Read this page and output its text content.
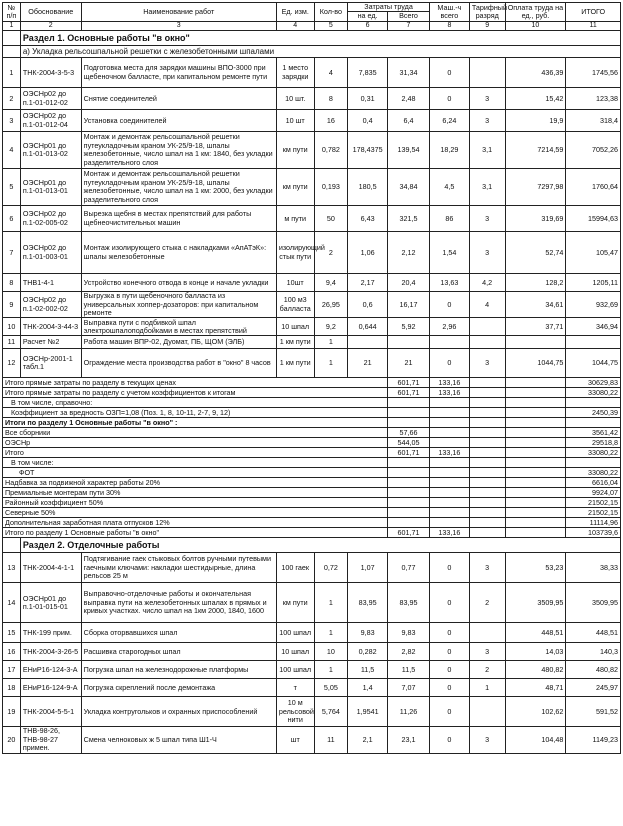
№ п/п	Обоснование	Наименование работ	Ед. изм.	Кол-во	Затраты труда		Маш.-ч всего	Тарифный разряд	Оплата труда на ед., руб.	ИТОГО
					на ед.	Всего				
1	2	3	4	5	6	7	8	9	10	11
	Раздел 1. Основные работы "в окно"									
	а) Укладка рельсошпальной решетки с железобетонными шпалами									
1	ТНК-2004-3-5-3	Подготовка места для зарядки машины ВПО-3000 при щебеночном балласте, при капитальном ремонте пути	1 место зарядки	4	7,835	31,34	0		436,39	1745,56
2	ОЭСНр02 до п.1-01-012-02	Снятие соединителей	10 шт.	8	0,31	2,48	0	3	15,42	123,38
3	ОЭСНр02 до п.1-01-012-04	Установка соединителей	10 шт	16	0,4	6,4	6,24	3	19,9	318,4
4	ОЭСНр01 до п.1-01-013-02	Монтаж и демонтаж рельсошпальной решетки путеукладочным краном УК-25/9-18, шпалы железобетонные, число шпал на 1 км: 1840, без укладки разделительного слоя	км пути	0,782	178,4375	139,54	18,29	3,1	7214,59	7052,26
5	ОЭСНр01 до п.1-01-013-01	Монтаж и демонтаж рельсошпальной решетки путеукладочным краном УК-25/9-18, шпалы железобетонные, число шпал на 1 км: 2000, без укладки разделительного слоя	км пути	0,193	180,5	34,84	4,5	3,1	7297,98	1760,64
6	ОЭСНр02 до п.1-02-005-02	Вырезка щебня в местах препятствий для работы щебнеочистительных машин	м пути	50	6,43	321,5	86	3	319,69	15994,63
7	ОЭСНр02 до п.1-01-003-01	Монтаж изолирующего стыка с накладками «АпАТэК»: шпалы железобетонные	изолирующий стык пути	2	1,06	2,12	1,54	3	52,74	105,47
8	ТНВ1-4-1	Устройство конечного отвода в конце и начале укладки	10шт	9,4	2,17	20,4	13,63	4,2	128,2	1205,11
9	ОЭСНр02 до п.1-02-002-02	Выгрузка в пути щебеночного балласта из универсальных хоппер-дозаторов: при капитальном ремонте	100 м3 балласта	26,95	0,6	16,17	0	4	34,61	932,69
10	ТНК-2004-3-44-3	Выправка пути с подбивкой шпал электрошпалоподбойками в местах препятствий	10 шпал	9,2	0,644	5,92	2,96		37,71	346,94
11	Расчет №2	Работа машин ВПР-02, Дуомат, ПБ, ЩОМ (ЭЛБ)	1 км пути	1						
12	ОЭСНр-2001-1 табл.1	Ограждение места производства работ в "окно" 8 часов	1 км пути	1	21	21	0	3	1044,75	1044,75
Итого прямые затраты по разделу в текущих ценах						601,71	133,16			30629,83
Итого прямые затраты по разделу с учетом коэффициентов к итогам						601,71	133,16			33080,22
В том числе, справочно:										
Коэффициент за вредность ОЗП=1,08 (Поз. 1, 8, 10-11, 2-7, 9, 12)										2450,39
Итоги по разделу 1 Основные работы "в окно" :										
Все сборники						57,66				3561,42
ОЭСНр						544,05				29518,8
Итого						601,71	133,16			33080,22
В том числе:										
ФОТ										33080,22
Надбавка за подвижной характер работы 20%										6616,04
Премиальные монтерам пути 30%										9924,07
Районный коэффициент 50%										21502,15
Северные 50%										21502,15
Дополнительная заработная плата отпусков 12%										11114,96
Итого по разделу 1 Основные работы "в окно"						601,71	133,16			103739,6
	Раздел 2. Отделочные работы									
13	ТНК-2004-4-1-1	Подтягивание гаек стыковых болтов ручными путевыми гаечными ключами: накладки шестидырные, длина рельсов 25 м	100 гаек	0,72	1,07	0,77	0	3	53,23	38,33
14	ОЭСНр01 до п.1-01-015-01	Выправочно-отделочные работы и окончательная выправка пути на железобетонных шпалах в прямых и кривых участках. число шпал на 1км 2000, 1840, 1600	км пути	1	83,95	83,95	0	2	3509,95	3509,95
15	ТНК-199 прим.	Сборка оторвавшихся шпал	100 шпал	1	9,83	9,83	0		448,51	448,51
16	ТНК-2004-3-26-5	Расшивка старогодных шпал	10 шпал	10	0,282	2,82	0	3	14,03	140,3
17	ЕНиР16-124-3-А	Погрузка шпал на железнодорожные платформы	100 шпал	1	11,5	11,5	0	2	480,82	480,82
18	ЕНиР16-124-9-А	Погрузка скреплений после демонтажа	т	5,05	1,4	7,07	0	1	48,71	245,97
19	ТНК-2004-5-5-1	Укладка контругольков и охранных приспособлений	10 м рельсовой нити	5,764	1,9541	11,26	0		102,62	591,52
20	ТНВ-98-26, ТНВ-98-27 примен.	Смена челноковых ж 5 шпал типа Ш1-Ч	шт	11	2,1	23,1	0	3	104,48	1149,23
